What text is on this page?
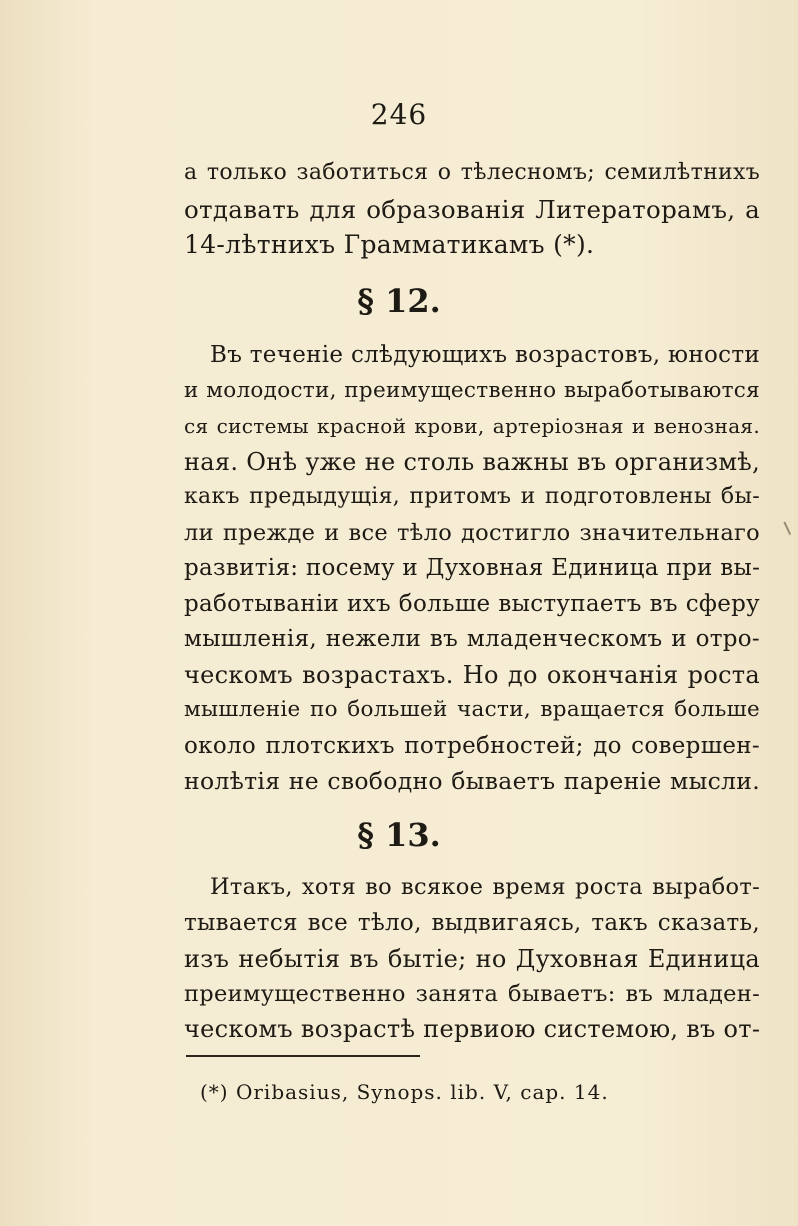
246
а только заботиться о тѣлесномъ; семилѣтнихъ
отдавать для образованія Литераторамъ, а
14-лѣтнихъ Грамматикамъ (*).
§ 12.
Въ теченіе слѣдующихъ возрастовъ, юности
и молодости, преимущественно выработываются
ся системы красной крови, артеріозная и венозная.
ная. Онѣ уже не столь важны въ организмѣ,
какъ предыдущія, притомъ и подготовлены бы-
ли прежде и все тѣло достигло значительнаго
развитія: посему и Духовная Единица при вы-
работываніи ихъ больше выступаетъ въ сферу
мышленія, нежели въ младенческомъ и отро-
ческомъ возрастахъ. Но до окончанія роста
мышленіе по большей части, вращается больше
около плотскихъ потребностей; до совершен-
нолѣтія не свободно бываетъ пареніе мысли.
§ 13.
Итакъ, хотя во всякое время роста выработ-
тывается все тѣло, выдвигаясь, такъ сказать,
изъ небытія въ бытіе; но Духовная Единица
преимущественно занята бываетъ: въ младен-
ческомъ возрастѣ первиою системою, въ от-
(*) Oribasius, Synops. lib. V, cap. 14.
